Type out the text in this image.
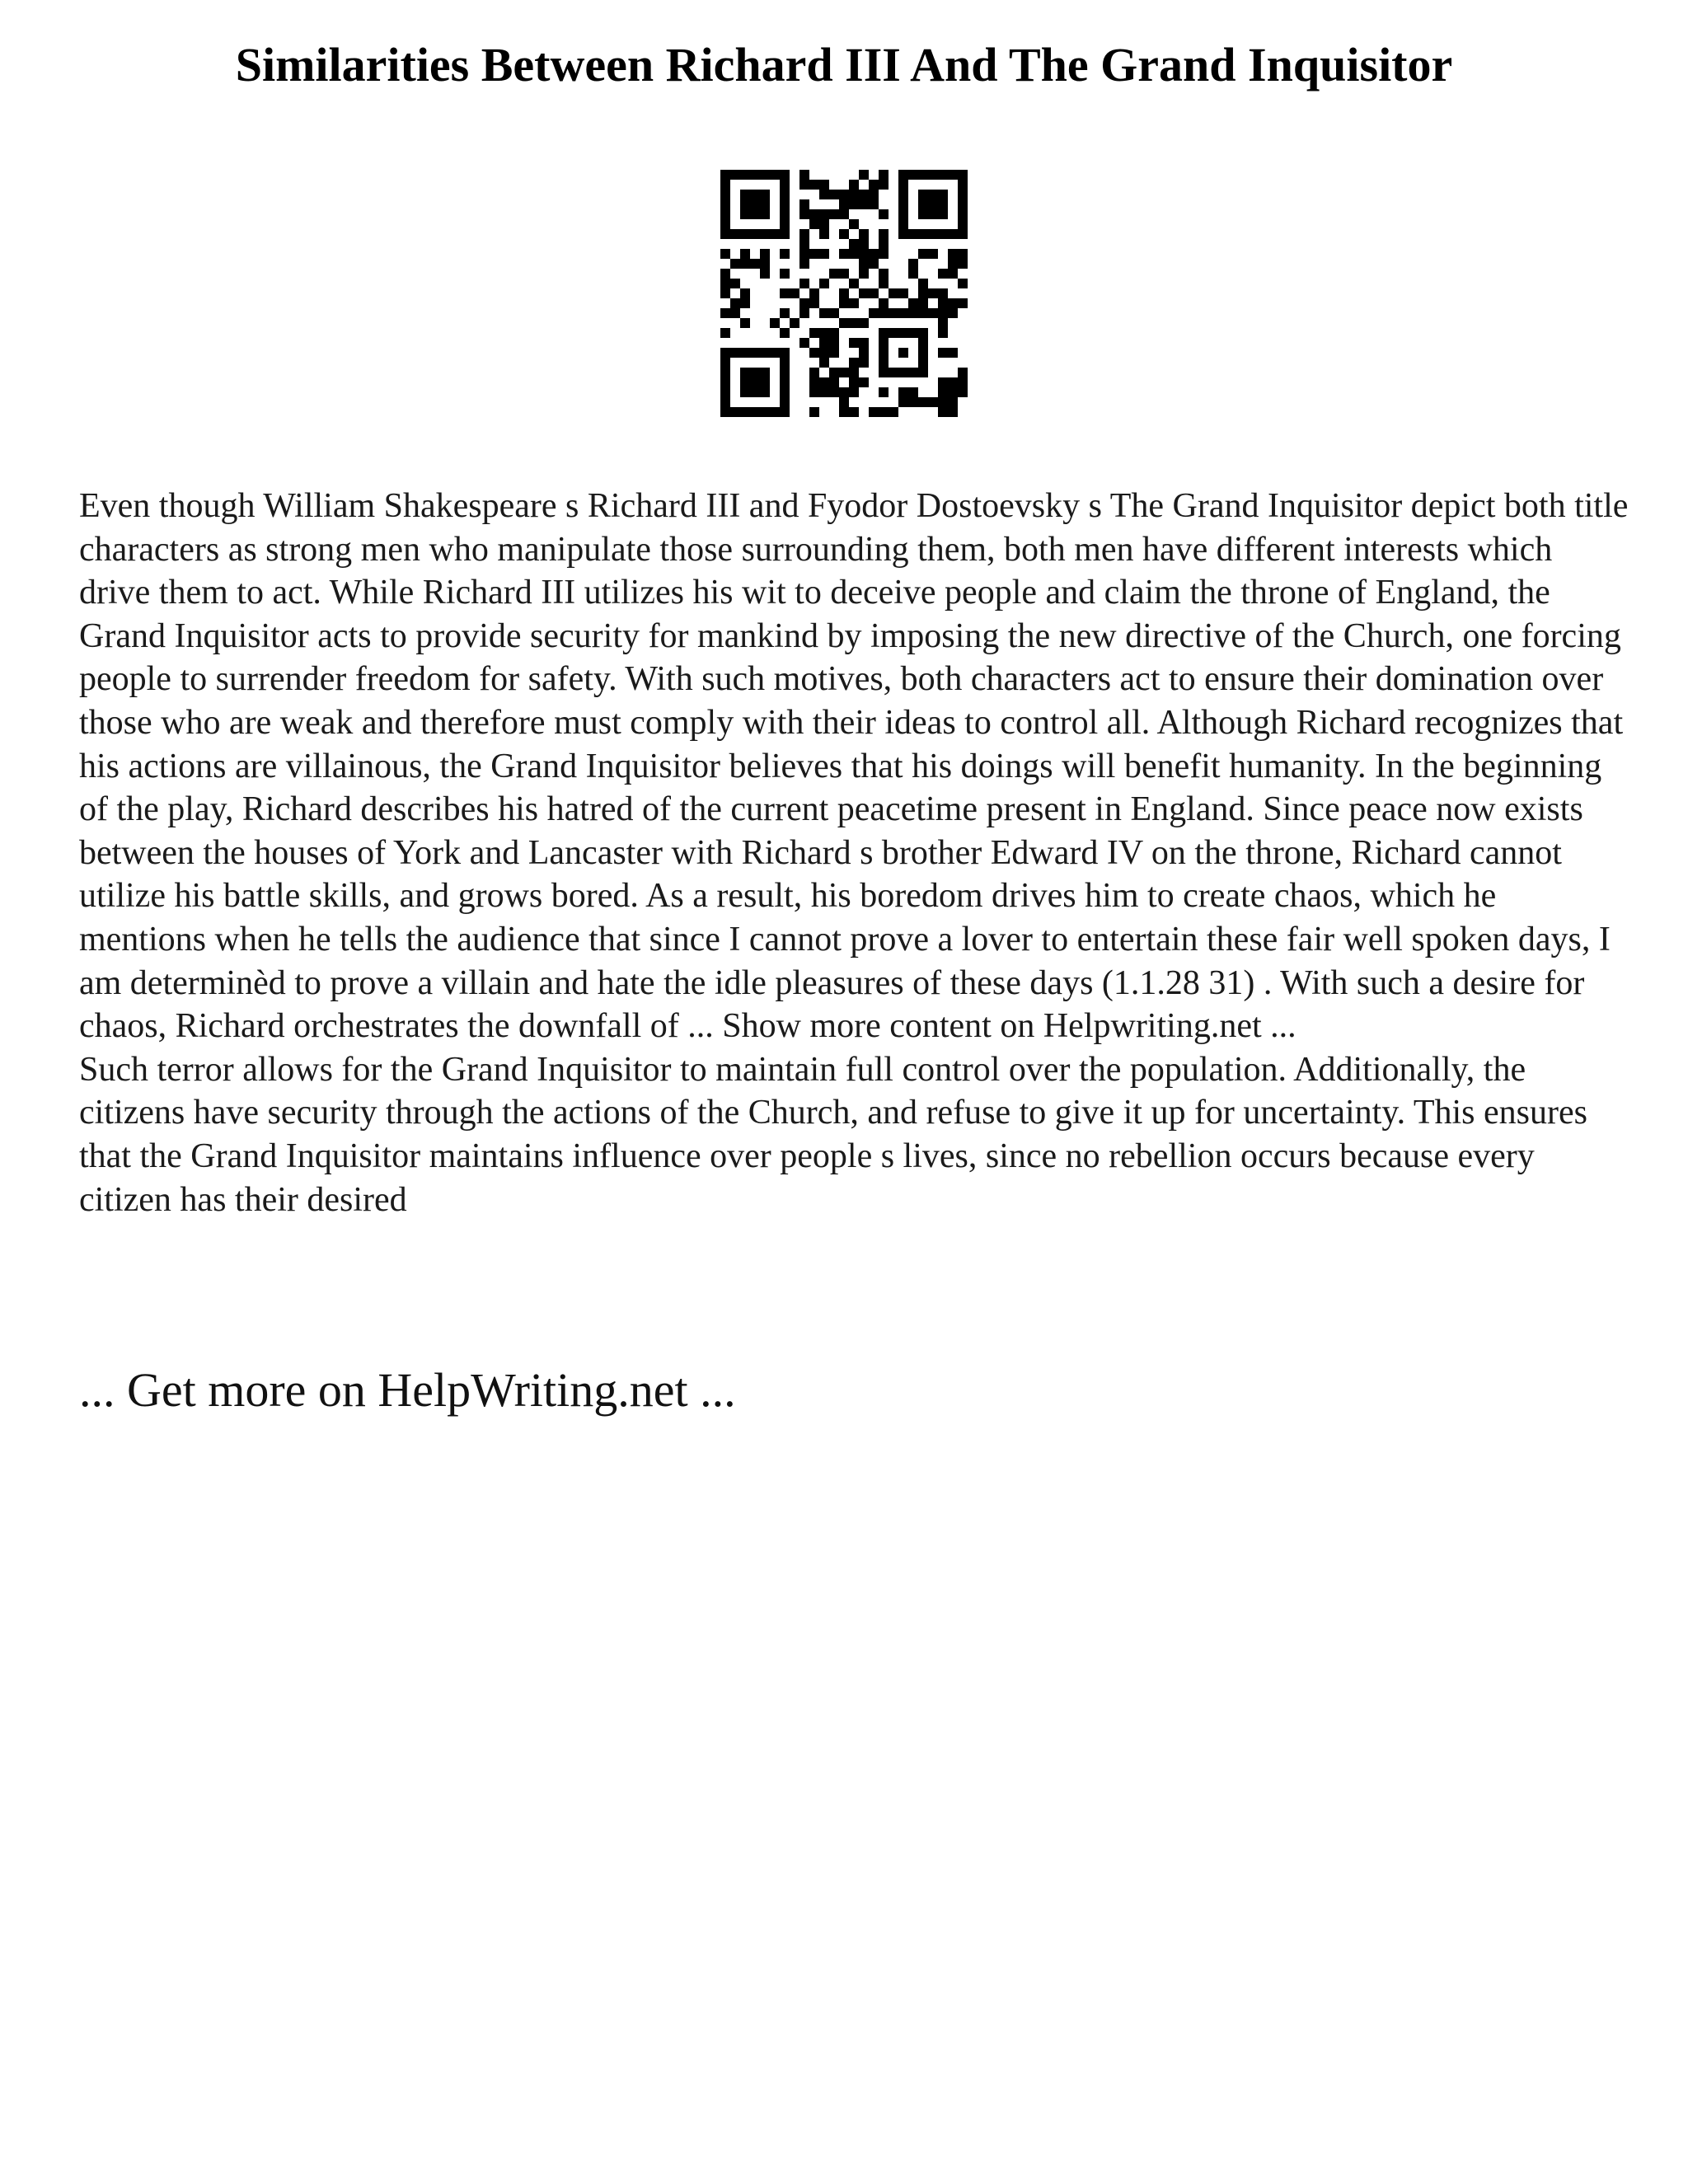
Similarities Between Richard III And The Grand Inquisitor

Even though William Shakespeare s Richard III and Fyodor Dostoevsky s The Grand Inquisitor depict both title characters as strong men who manipulate those surrounding them, both men have different interests which drive them to act. While Richard III utilizes his wit to deceive people and claim the throne of England, the Grand Inquisitor acts to provide security for mankind by imposing the new directive of the Church, one forcing people to surrender freedom for safety. With such motives, both characters act to ensure their domination over those who are weak and therefore must comply with their ideas to control all. Although Richard recognizes that his actions are villainous, the Grand Inquisitor believes that his doings will benefit humanity. In the beginning of the play, Richard describes his hatred of the current peacetime present in England. Since peace now exists between the houses of York and Lancaster with Richard s brother Edward IV on the throne, Richard cannot utilize his battle skills, and grows bored. As a result, his boredom drives him to create chaos, which he mentions when he tells the audience that since I cannot prove a lover to entertain these fair well spoken days, I am determinèd to prove a villain and hate the idle pleasures of these days (1.1.28 31) . With such a desire for chaos, Richard orchestrates the downfall of ... Show more content on Helpwriting.net ...

Such terror allows for the Grand Inquisitor to maintain full control over the population. Additionally, the citizens have security through the actions of the Church, and refuse to give it up for uncertainty. This ensures that the Grand Inquisitor maintains influence over people s lives, since no rebellion occurs because every citizen has their desired

... Get more on HelpWriting.net ...
